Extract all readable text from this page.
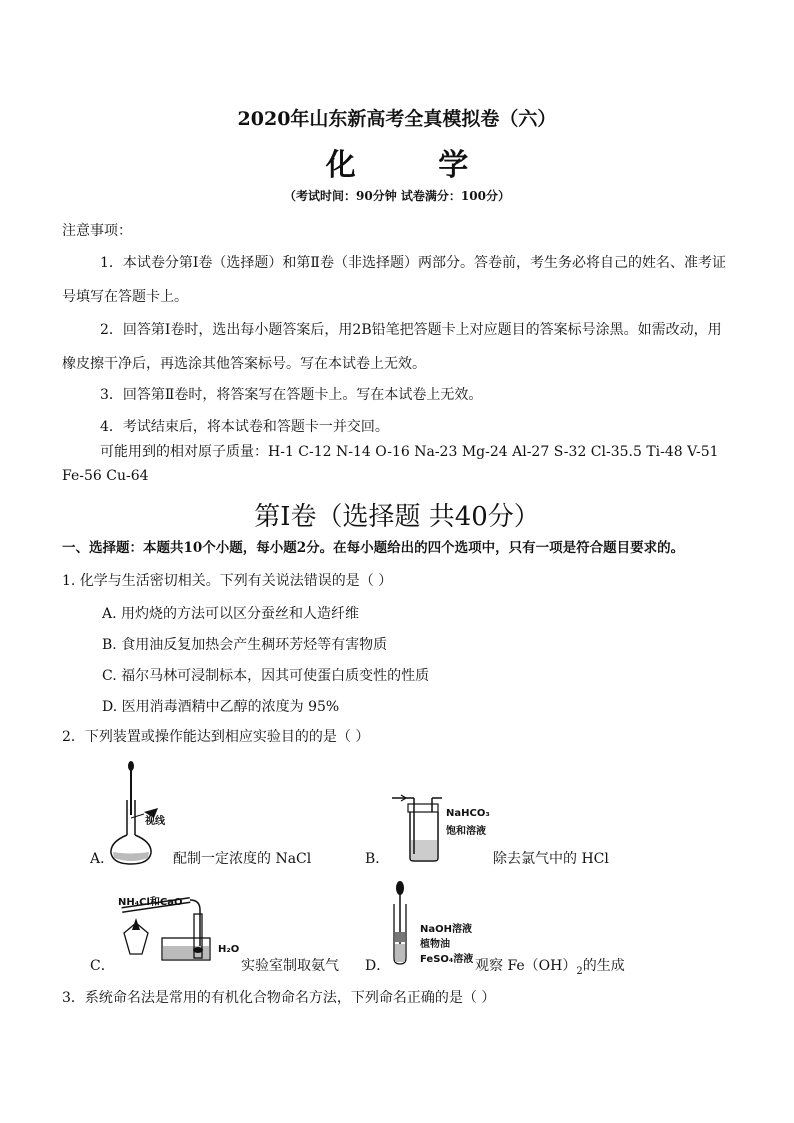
2020年山东新高考全真模拟卷（六）
化 学
（考试时间：90分钟 试卷满分：100分）
注意事项：
1．本试卷分第Ⅰ卷（选择题）和第Ⅱ卷（非选择题）两部分。答卷前，考生务必将自己的姓名、准考证号填写在答题卡上。
2．回答第Ⅰ卷时，选出每小题答案后，用2B铅笔把答题卡上对应题目的答案标号涂黑。如需改动，用橡皮擦干净后，再选涂其他答案标号。写在本试卷上无效。
3．回答第Ⅱ卷时，将答案写在答题卡上。写在本试卷上无效。
4．考试结束后，将本试卷和答题卡一并交回。
可能用到的相对原子质量：H-1 C-12 N-14 O-16 Na-23 Mg-24 Al-27 S-32 Cl-35.5 Ti-48 V-51 Fe-56 Cu-64
第Ⅰ卷（选择题 共40分）
一、选择题：本题共10个小题，每小题2分。在每小题给出的四个选项中，只有一项是符合题目要求的。
1. 化学与生活密切相关。下列有关说法错误的是（ ）
A. 用灼烧的方法可以区分蚕丝和人造纤维
B. 食用油反复加热会产生稠环芳烃等有害物质
C. 福尔马林可浸制标本，因其可使蛋白质变性的性质
D. 医用消毒酒精中乙醇的浓度为 95%
2．下列装置或操作能达到相应实验目的的是（ ）
视线
A．	配制一定浓度的 NaCl
NaHCO₃
饱和溶液
B．	除去氯气中的 HCl
NH₄Cl和CaO
H₂O
C．	实验室制取氨气
NaOH溶液
植物油
FeSO₄溶液
D．	观察 $Fe(OH)_2$的生成
3．系统命名法是常用的有机化合物命名方法，下列命名正确的是（ ）
